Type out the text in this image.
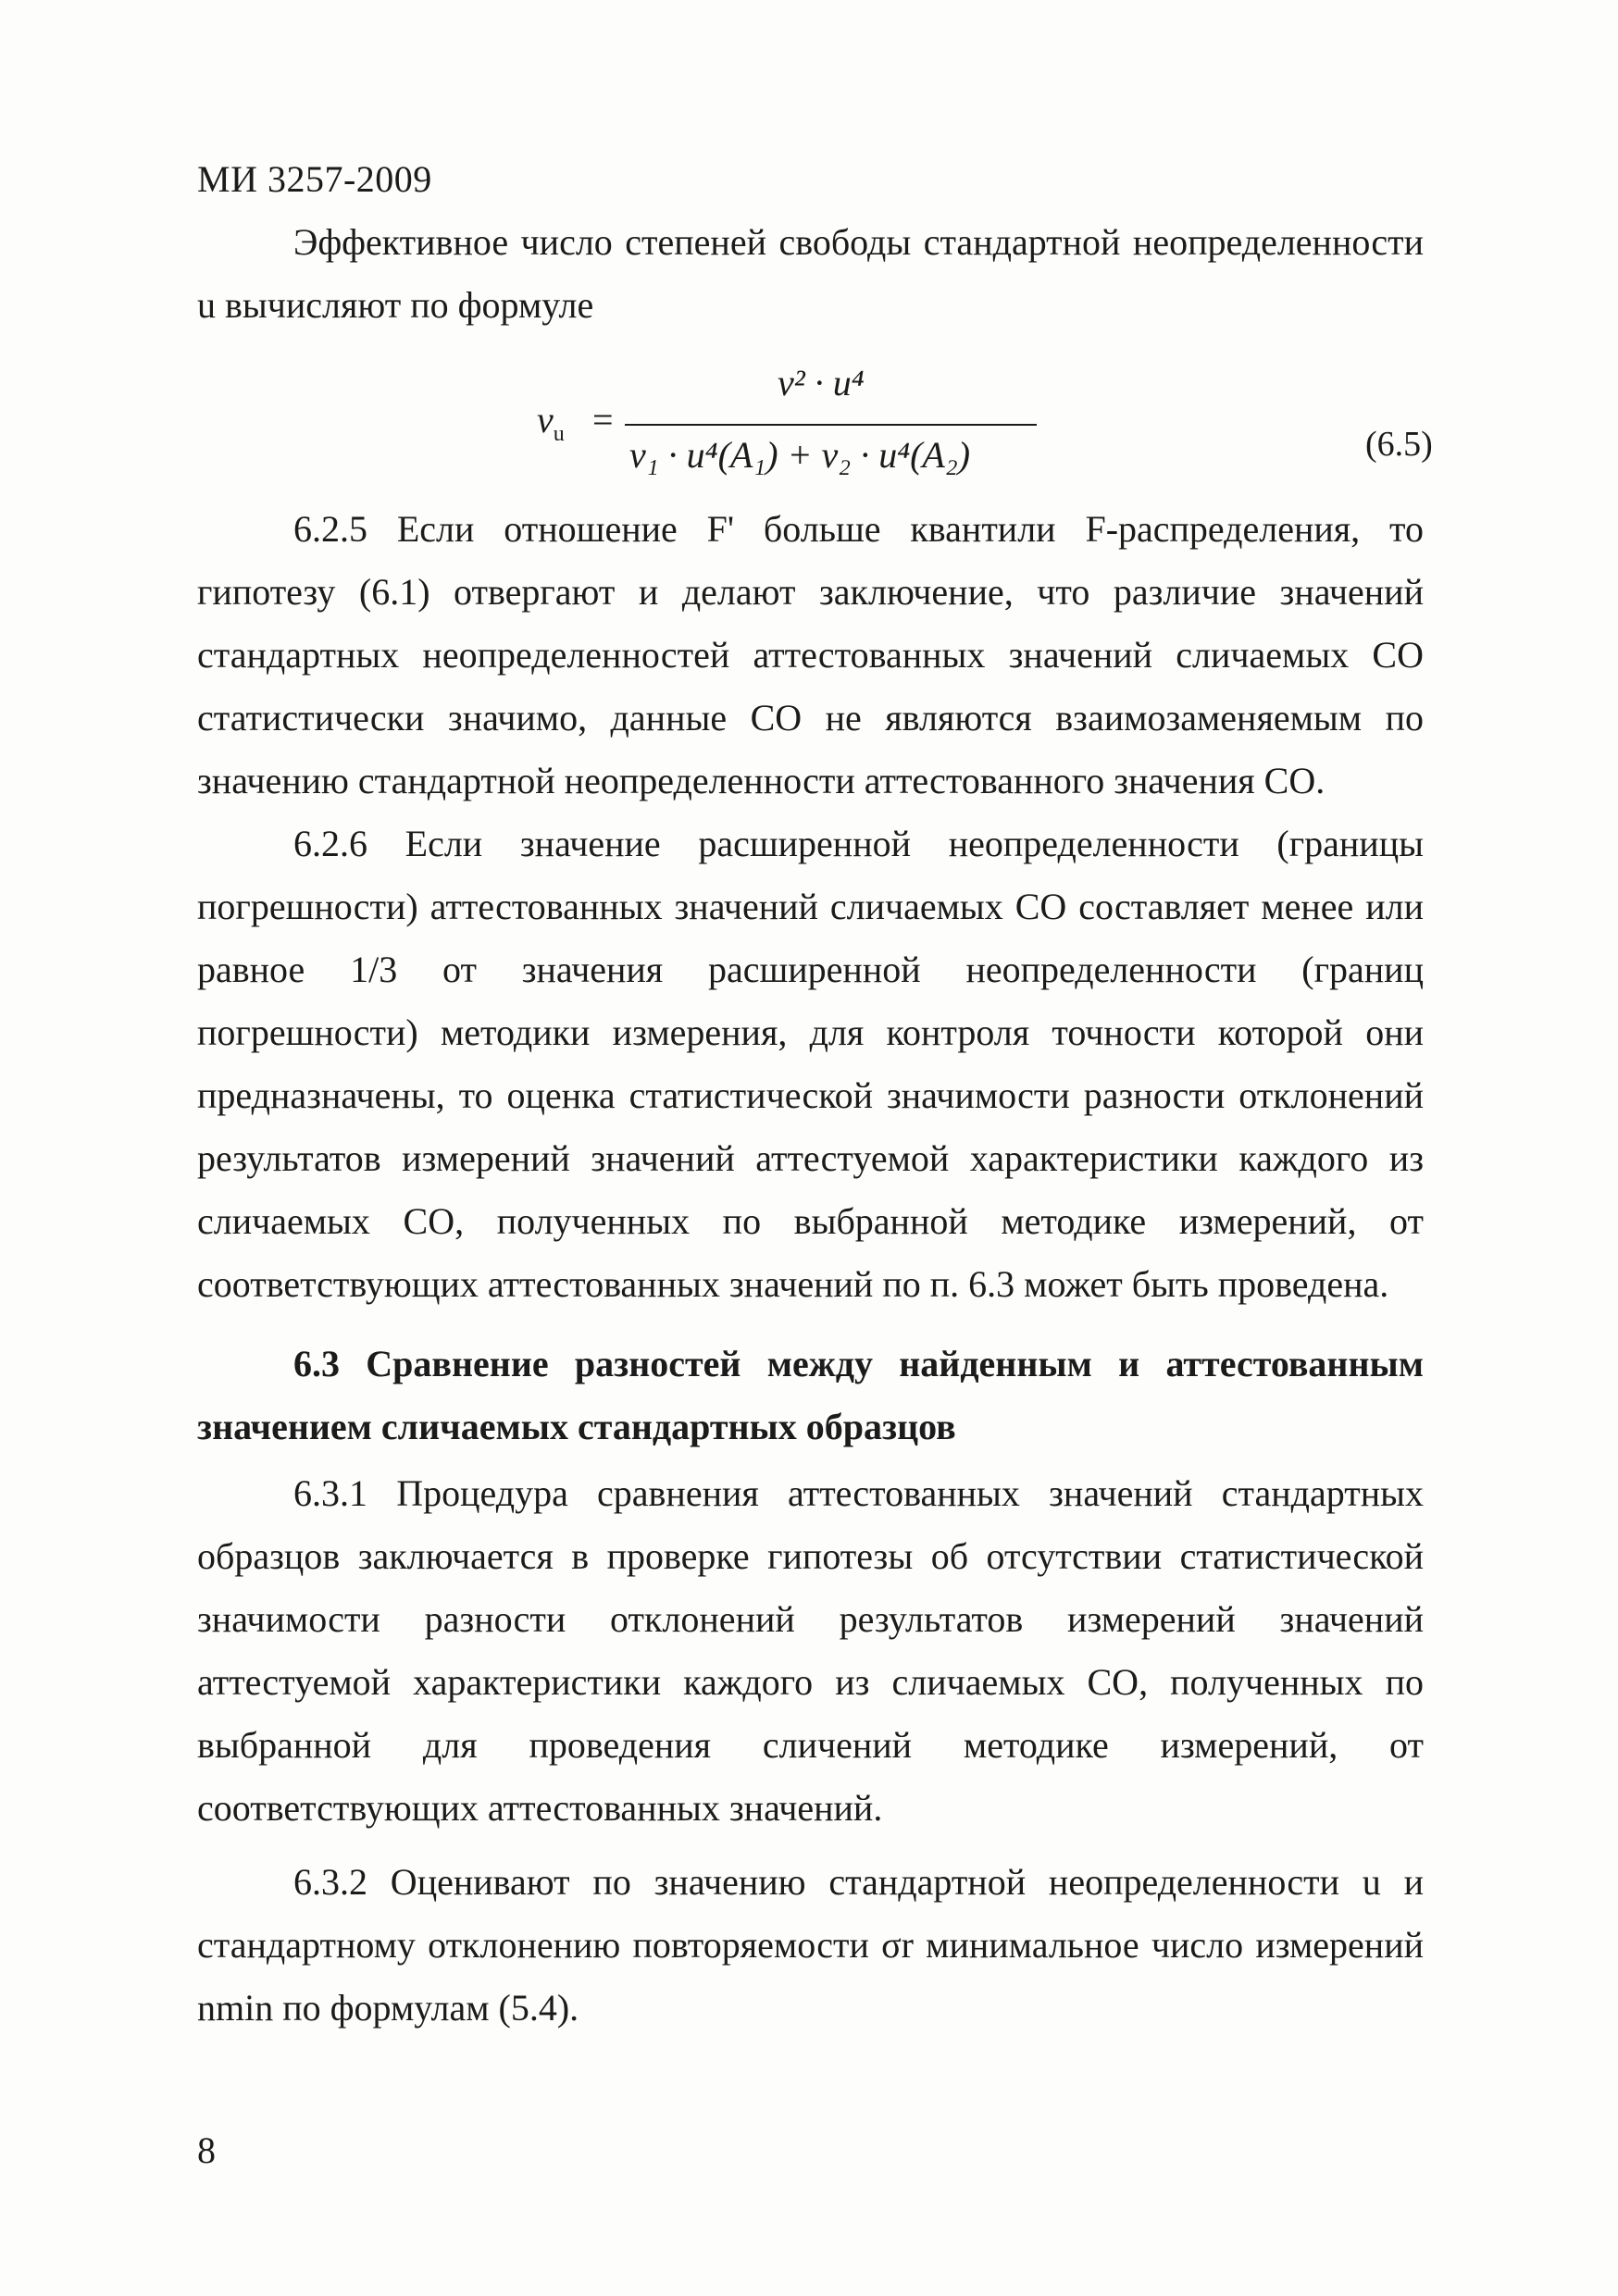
МИ 3257-2009

Эффективное число степеней свободы стандартной неопределенности u вычисляют по формуле

$\nu_u$ =
ν² · u⁴
ν₁ · u⁴(A₁) + ν₂ · u⁴(A₂)	(6.5)

6.2.5 Если отношение F' больше квантили F-распределения, то гипотезу (6.1) отвергают и делают заключение, что различие значений стандартных неопределенностей аттестованных значений сличаемых СО статистически значимо, данные СО не являются взаимозаменяемым по значению стандартной неопределенности аттестованного значения СО.

6.2.6 Если значение расширенной неопределенности (границы погрешности) аттестованных значений сличаемых СО составляет менее или равное 1/3 от значения расширенной неопределенности (границ погрешности) методики измерения, для контроля точности которой они предназначены, то оценка статистической значимости разности отклонений результатов измерений значений аттестуемой характеристики каждого из сличаемых СО, полученных по выбранной методике измерений, от соответствующих аттестованных значений по п. 6.3 может быть проведена.

6.3 Сравнение разностей между найденным и аттестованным значением сличаемых стандартных образцов

6.3.1 Процедура сравнения аттестованных значений стандартных образцов заключается в проверке гипотезы об отсутствии статистической значимости разности отклонений результатов измерений значений аттестуемой характеристики каждого из сличаемых СО, полученных по выбранной для проведения сличений методике измерений, от соответствующих аттестованных значений.

6.3.2 Оценивают по значению стандартной неопределенности u и стандартному отклонению повторяемости σr минимальное число измерений nmin по формулам (5.4).

8
